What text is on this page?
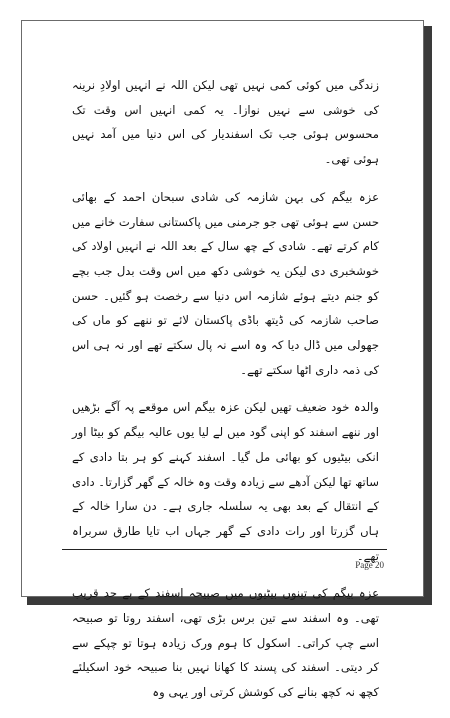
زندگی میں کوئی کمی نہیں تھی لیکن اللہ نے انہیں اولادِ نرینہ کی خوشی سے نہیں نوازا۔ یہ کمی انہیں اس وقت تک محسوس ہوئی جب تک اسفندیار کی اس دنیا میں آمد نہیں ہوئی تھی۔

عزہ بیگم کی بہن شازمہ کی شادی سبحان احمد کے بھائی حسن سے ہوئی تھی جو جرمنی میں پاکستانی سفارت خانے میں کام کرتے تھے۔ شادی کے چھ سال کے بعد اللہ نے انہیں اولاد کی خوشخبری دی لیکن یہ خوشی دکھ میں اس وقت بدل جب بچے کو جنم دیتے ہوئے شازمہ اس دنیا سے رخصت ہو گئیں۔ حسن صاحب شازمہ کی ڈیتھ باڈی پاکستان لائے تو ننھے کو ماں کی جھولی میں ڈال دیا کہ وہ اسے نہ پال سکتے تھے اور نہ ہی اس کی ذمہ داری اٹھا سکتے تھے۔

والدہ خود ضعیف تھیں لیکن عزہ بیگم اس موقعے پہ آگے بڑھیں اور ننھے اسفند کو اپنی گود میں لے لیا یوں عالیہ بیگم کو بیٹا اور انکی بیٹیوں کو بھائی مل گیا۔ اسفند کہنے کو ہر بتا دادی کے ساتھ تھا لیکن آدھے سے زیادہ وقت وہ خالہ کے گھر گزارتا۔ دادی کے انتقال کے بعد بھی یہ سلسلہ جاری ہے۔ دن سارا خالہ کے ہاں گزرتا اور رات دادی کے گھر جہاں اب تایا طارق سربراہ تھے۔

عزہ بیگم کی تینوں بیٹیوں میں صبیحہ اسفند کے بے حد قریب تھی۔ وہ اسفند سے تین برس بڑی تھی، اسفند روتا تو صبیحہ اسے چپ کراتی۔ اسکول کا ہوم ورک زیادہ ہوتا تو چپکے سے کر دیتی۔ اسفند کی پسند کا کھانا نہیں بنا صبیحہ خود اسکیلئے کچھ نہ کچھ بنانے کی کوشش کرتی اور یہی وہ

Page 20
